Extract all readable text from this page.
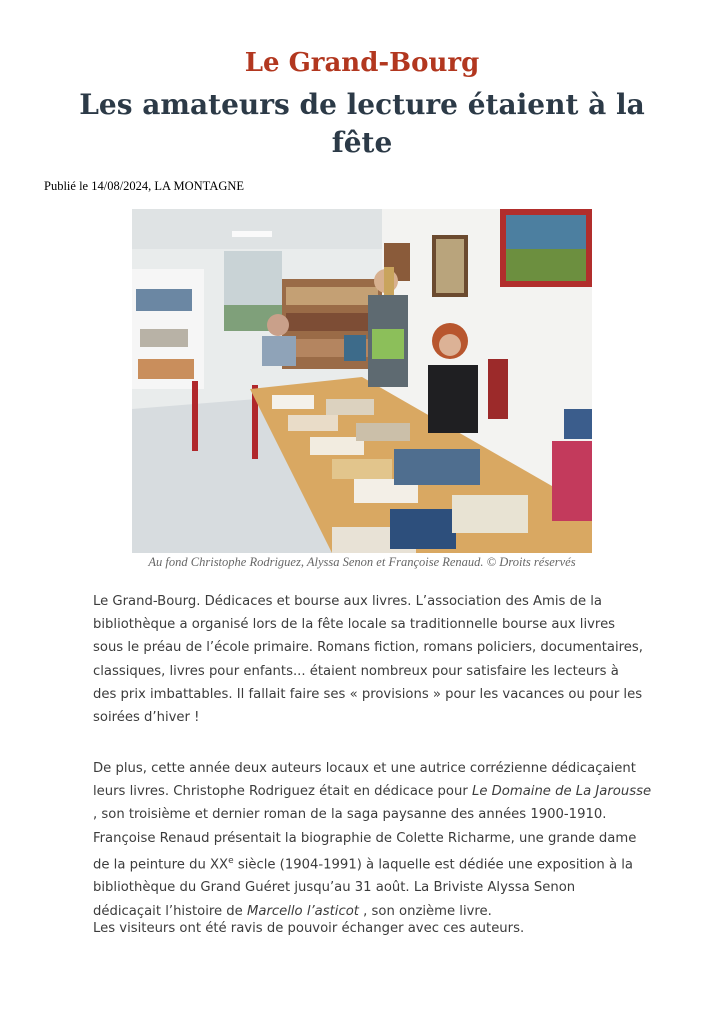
Le Grand-Bourg
Les amateurs de lecture étaient à la fête
Publié le 14/08/2024, LA MONTAGNE
Au fond Christophe Rodriguez, Alyssa Senon et Françoise Renaud. © Droits réservés

Le Grand-Bourg. Dédicaces et bourse aux livres. L’association des Amis de la
bibliothèque a organisé lors de la fête locale sa traditionnelle bourse aux livres
sous le préau de l’école primaire. Romans fiction, romans policiers, documentaires,
classiques, livres pour enfants... étaient nombreux pour satisfaire les lecteurs à
des prix imbattables. Il fallait faire ses « provisions » pour les vacances ou pour les
soirées d’hiver !

De plus, cette année deux auteurs locaux et une autrice corrézienne dédicaçaient
leurs livres. Christophe Rodriguez était en dédicace pour Le Domaine de La Jarousse
, son troisième et dernier roman de la saga paysanne des années 1900-1910.
Françoise Renaud présentait la biographie de Colette Richarme, une grande dame
de la peinture du XXe siècle (1904-1991) à laquelle est dédiée une exposition à la
bibliothèque du Grand Guéret jusqu’au 31 août. La Briviste Alyssa Senon
dédicaçait l’histoire de Marcello l’asticot , son onzième livre.

Les visiteurs ont été ravis de pouvoir échanger avec ces auteurs.
